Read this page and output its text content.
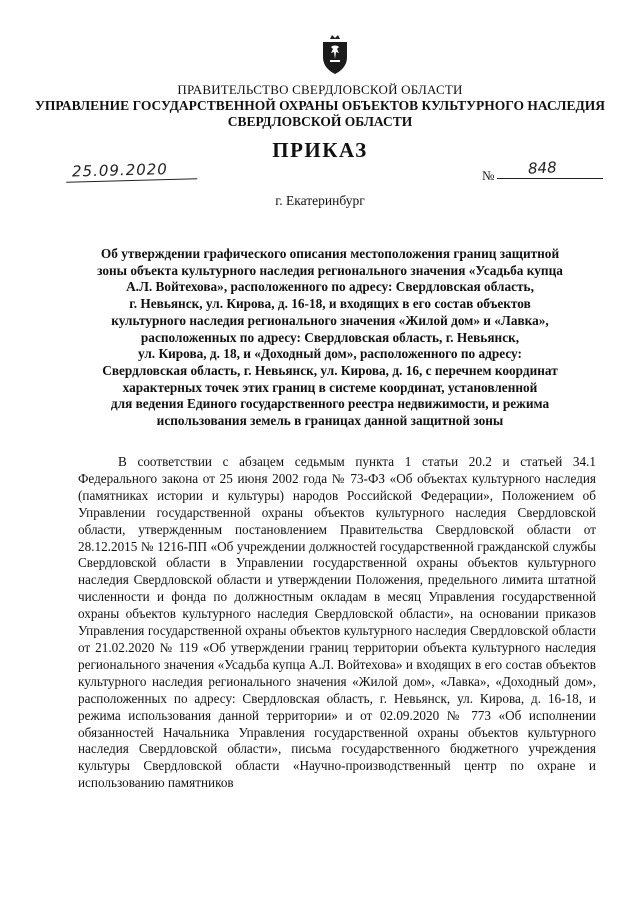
ПРАВИТЕЛЬСТВО СВЕРДЛОВСКОЙ ОБЛАСТИ
УПРАВЛЕНИЕ ГОСУДАРСТВЕННОЙ ОХРАНЫ ОБЪЕКТОВ КУЛЬТУРНОГО НАСЛЕДИЯ
СВЕРДЛОВСКОЙ ОБЛАСТИ
ПРИКАЗ
25.09.2020	№ 848
г. Екатеринбург
Об утверждении графического описания местоположения границ защитной
зоны объекта культурного наследия регионального значения «Усадьба купца
А.Л. Войтехова», расположенного по адресу: Свердловская область,
г. Невьянск, ул. Кирова, д. 16-18, и входящих в его состав объектов
культурного наследия регионального значения «Жилой дом» и «Лавка»,
расположенных по адресу: Свердловская область, г. Невьянск,
ул. Кирова, д. 18, и «Доходный дом», расположенного по адресу:
Свердловская область, г. Невьянск, ул. Кирова, д. 16, с перечнем координат
характерных точек этих границ в системе координат, установленной
для ведения Единого государственного реестра недвижимости, и режима
использования земель в границах данной защитной зоны
В соответствии с абзацем седьмым пункта 1 статьи 20.2 и статьей 34.1 Федерального закона от 25 июня 2002 года № 73-ФЗ «Об объектах культурного наследия (памятниках истории и культуры) народов Российской Федерации», Положением об Управлении государственной охраны объектов культурного наследия Свердловской области, утвержденным постановлением Правительства Свердловской области от 28.12.2015 № 1216-ПП «Об учреждении должностей государственной гражданской службы Свердловской области в Управлении государственной охраны объектов культурного наследия Свердловской области и утверждении Положения, предельного лимита штатной численности и фонда по должностным окладам в месяц Управления государственной охраны объектов культурного наследия Свердловской области», на основании приказов Управления государственной охраны объектов культурного наследия Свердловской области от 21.02.2020 № 119 «Об утверждении границ территории объекта культурного наследия регионального значения «Усадьба купца А.Л. Войтехова» и входящих в его состав объектов культурного наследия регионального значения «Жилой дом», «Лавка», «Доходный дом», расположенных по адресу: Свердловская область, г. Невьянск, ул. Кирова, д. 16-18, и режима использования данной территории» и от 02.09.2020 № 773 «Об исполнении обязанностей Начальника Управления государственной охраны объектов культурного наследия Свердловской области», письма государственного бюджетного учреждения культуры Свердловской области «Научно-производственный центр по охране и использованию памятников
